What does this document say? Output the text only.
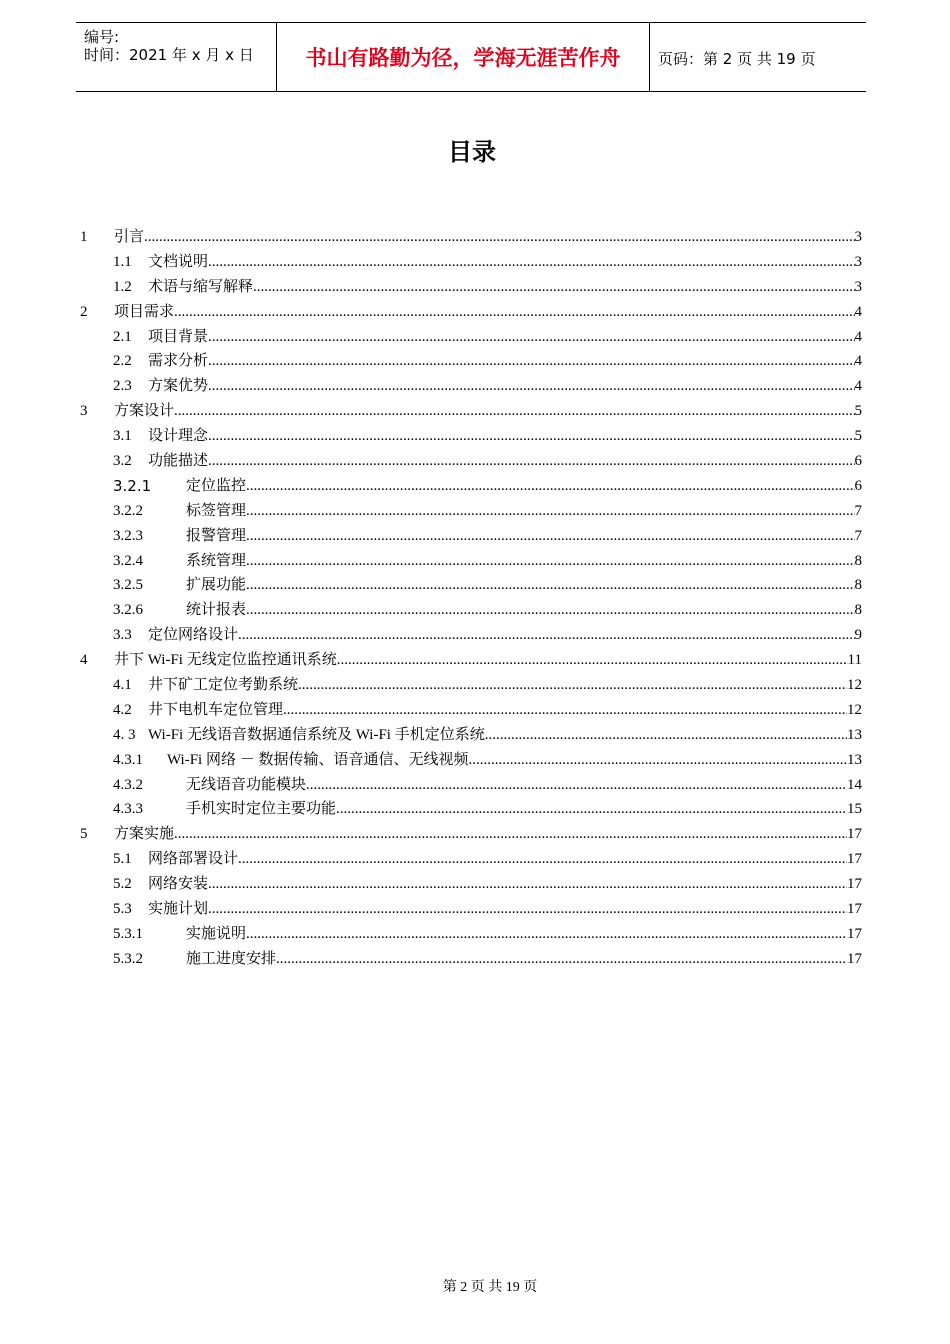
编号:
时间：2021 年 x 月 x 日	书山有路勤为径，学海无涯苦作舟	页码：第 2 页 共 19 页
目录
1 引言 .....	3
1.1 文档说明 .....	3
1.2 术语与缩写解释 .....	3
2 项目需求 .....	4
2.1 项目背景 .....	4
2.2 需求分析 .....	4
2.3 方案优势 .....	4
3 方案设计 .....	5
3.1 设计理念 .....	5
3.2 功能描述 .....	6
3.2.1 定位监控 .....	6
3.2.2	标签管理 .....	7
3.2.3	报警管理 .....	7
3.2.4	系统管理 .....	8
3.2.5	扩展功能 .....	8
3.2.6	统计报表 .....	8
3.3 定位网络设计 .....	9
4 井下 Wi-Fi 无线定位监控通讯系统 .....	11
4.1 井下矿工定位考勤系统 .....	12
4.2 井下电机车定位管理 .....	12
4. 3 Wi-Fi 无线语音数据通信系统及 Wi-Fi 手机定位系统 .....	13
4.3.1 Wi-Fi 网络 － 数据传输、语音通信、无线视频 .....	13
4.3.2	无线语音功能模块 .....	14
4.3.3	手机实时定位主要功能 .....	15
5 方案实施 .....	17
5.1 网络部署设计 .....	17
5.2 网络安装 .....	17
5.3 实施计划 .....	17
5.3.1	实施说明 .....	17
5.3.2	施工进度安排 .....	17
第 2 页 共 19 页
